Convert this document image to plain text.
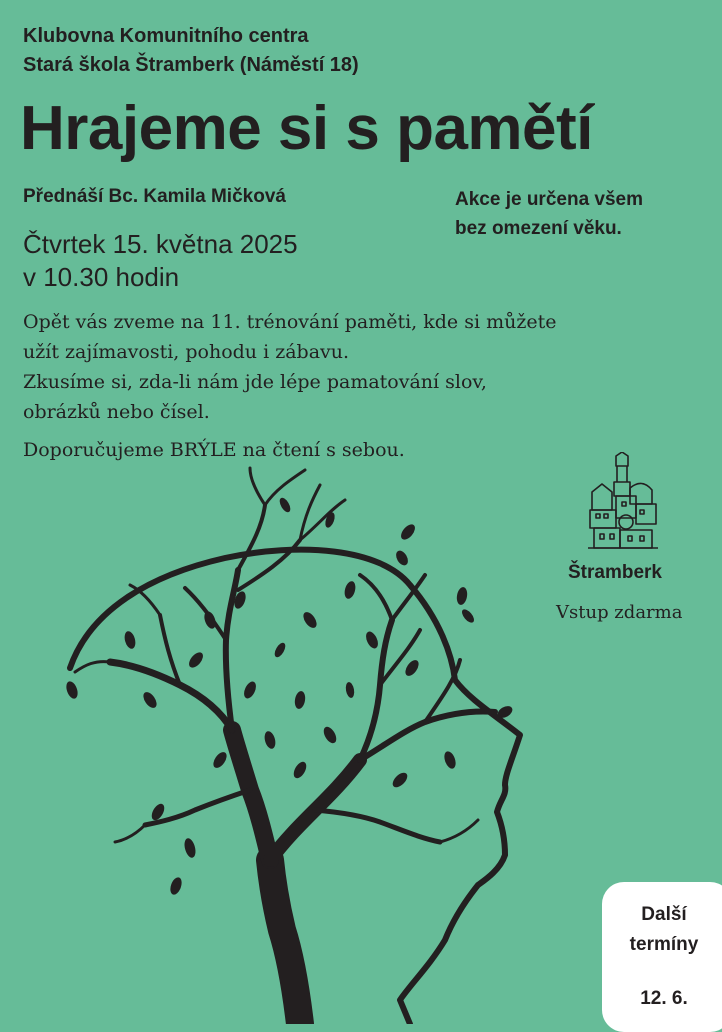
Klubovna Komunitního centra
Stará škola Štramberk (Náměstí 18)
Hrajeme si s pamětí
Přednáší Bc. Kamila Mičková	Akce je určena všem
bez omezení věku.
Čtvrtek 15. května 2025
v 10.30 hodin
Opět vás zveme na 11. trénování paměti, kde si můžete
užít zajímavosti, pohodu i zábavu.
Zkusíme si, zda-li nám jde lépe pamatování slov,
obrázků nebo čísel.
Doporučujeme BRÝLE na čtení s sebou.
Štramberk
Vstup zdarma
Další
termíny
12. 6.
